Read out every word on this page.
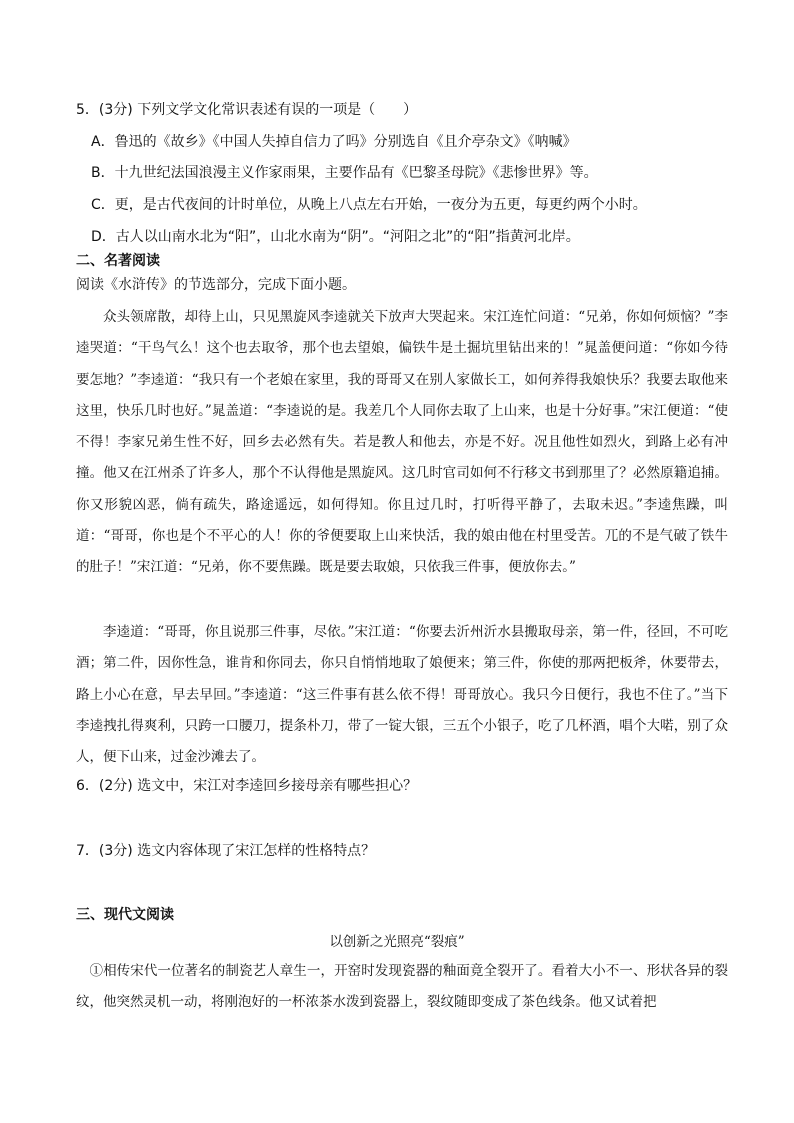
5．(3分) 下列文学文化常识表述有误的一项是（　　）
A．鲁迅的《故乡》《中国人失掉自信力了吗》分别选自《且介亭杂文》《呐喊》
B．十九世纪法国浪漫主义作家雨果，主要作品有《巴黎圣母院》《悲惨世界》等。
C．更，是古代夜间的计时单位，从晚上八点左右开始，一夜分为五更，每更约两个小时。
D．古人以山南水北为“阳”，山北水南为“阴”。“河阳之北”的“阳”指黄河北岸。
二、名著阅读
阅读《水浒传》的节选部分，完成下面小题。

众头领席散，却待上山，只见黑旋风李逵就关下放声大哭起来。宋江连忙问道：“兄弟，你如何烦恼？”李逵哭道：“干鸟气么！这个也去取爷，那个也去望娘，偏铁牛是土掘坑里钻出来的！”晁盖便问道：“你如今待要怎地？”李逵道：“我只有一个老娘在家里，我的哥哥又在别人家做长工，如何养得我娘快乐？我要去取他来这里，快乐几时也好。”晁盖道：“李逵说的是。我差几个人同你去取了上山来，也是十分好事。”宋江便道：“使不得！李家兄弟生性不好，回乡去必然有失。若是教人和他去，亦是不好。况且他性如烈火，到路上必有冲撞。他又在江州杀了许多人，那个不认得他是黑旋风。这几时官司如何不行移文书到那里了？必然原籍追捕。你又形貌凶恶，倘有疏失，路途遥远，如何得知。你且过几时，打听得平静了，去取未迟。”李逵焦躁，叫道：“哥哥，你也是个不平心的人！你的爷便要取上山来快活，我的娘由他在村里受苦。兀的不是气破了铁牛的肚子！”宋江道：“兄弟，你不要焦躁。既是要去取娘，只依我三件事，便放你去。”

李逵道：“哥哥，你且说那三件事，尽依。”宋江道：“你要去沂州沂水县搬取母亲，第一件，径回，不可吃酒；第二件，因你性急，谁肯和你同去，你只自悄悄地取了娘便来；第三件，你使的那两把板斧，休要带去，路上小心在意，早去早回。”李逵道：“这三件事有甚么依不得！哥哥放心。我只今日便行，我也不住了。”当下李逵拽扎得爽利，只跨一口腰刀，提条朴刀，带了一锭大银，三五个小银子，吃了几杯酒，唱个大喏，别了众人，便下山来，过金沙滩去了。

6．(2分) 选文中，宋江对李逵回乡接母亲有哪些担心？
7．(3分) 选文内容体现了宋江怎样的性格特点？
三、现代文阅读
以创新之光照亮“裂痕”

①相传宋代一位著名的制瓷艺人章生一，开窑时发现瓷器的釉面竟全裂开了。看着大小不一、形状各异的裂纹，他突然灵机一动，将刚泡好的一杯浓茶水泼到瓷器上，裂纹随即变成了茶色线条。他又试着把
